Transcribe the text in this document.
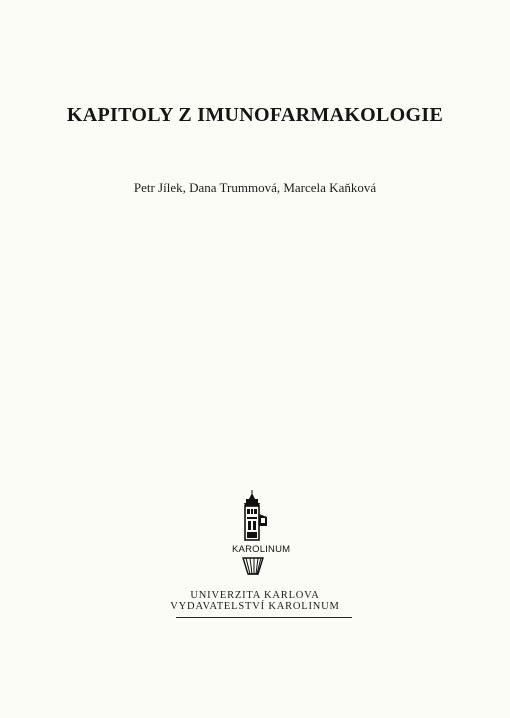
KAPITOLY Z IMUNOFARMAKOLOGIE
Petr Jílek, Dana Trummová, Marcela Kaňková
KAROLINUM
UNIVERZITA KARLOVA
VYDAVATELSTVÍ KAROLINUM
